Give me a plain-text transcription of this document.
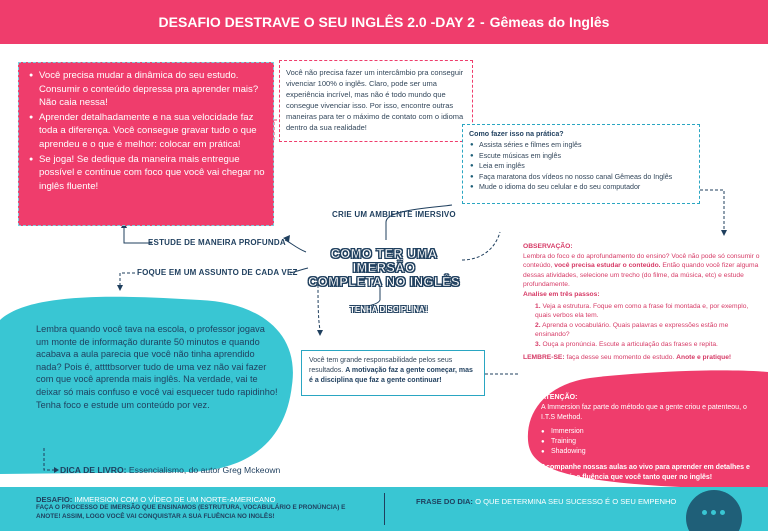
DESAFIO DESTRAVE O SEU INGLÊS 2.0 - DAY 2 - Gêmeas do Inglês
● Você precisa mudar a dinâmica do seu estudo. Consumir o conteúdo depressa pra aprender mais? Não caia nessa!
● Aprender detalhadamente e na sua velocidade faz toda a diferença. Você consegue gravar tudo o que aprendeu e o que é melhor: colocar em prática!
● Se joga! Se dedique da maneira mais entregue possível e continue com foco que você vai chegar no inglês fluente!
Você não precisa fazer um intercâmbio pra conseguir vivenciar 100% o inglês. Claro, pode ser uma experiência incrível, mas não é todo mundo que consegue vivenciar isso. Por isso, encontre outras maneiras para ter o máximo de contato com o idioma dentro da sua realidade!
Como fazer isso na prática?
● Assista séries e filmes em inglês
● Escute músicas em inglês
● Leia em inglês
● Faça maratona dos vídeos no nosso canal Gêmeas do Inglês
● Mude o idioma do seu celular e do seu computador
CRIE UM AMBIENTE IMERSIVO
ESTUDE DE MANEIRA PROFUNDA
FOQUE EM UM ASSUNTO DE CADA VEZ
TENHA DISCIPLINA!
COMO TER UMA IMERSÃO
COMPLETA NO INGLÊS
OBSERVAÇÃO:
Lembra do foco e do aprofundamento do ensino? Você não pode só consumir o conteúdo, você precisa estudar o conteúdo. Então quando você fizer alguma dessas atividades, selecione um trecho (do filme, da música, etc) e estude profundamente.
Analise em três passos:
1. Veja a estrutura. Foque em como a frase foi montada e, por exemplo, quais verbos ela tem.
2. Aprenda o vocabulário. Quais palavras e expressões estão me ensinando?
3. Ouça a pronúncia. Escute a articulação das frases e repita.
LEMBRE-SE: faça desse seu momento de estudo. Anote e pratique!
Você tem grande responsabilidade pelos seus resultados. A motivação faz a gente começar, mas é a disciplina que faz a gente continuar!
Lembra quando você tava na escola, o professor jogava um monte de informação durante 50 minutos e quando acabava a aula parecia que você não tinha aprendido nada? Pois é, attttbsorver tudo de uma vez não vai fazer com que você aprenda mais inglês. Na verdade, vai te deixar só mais confuso e você vai esquecer tudo rapidinho! Tenha foco e estude um conteúdo por vez.
DICA DE LIVRO: Essencialismo, do autor Greg Mckeown
ATENÇÃO:
A Immersion faz parte do método que a gente criou e patenteou, o I.T.S Method.
● Immersion
● Training
● Shadowing
Acompanhe nossas aulas ao vivo para aprender em detalhes e conseguir a fluência que você tanto quer no inglês!
DESAFIO: IMMERSION COM O VÍDEO DE UM NORTE-AMERICANO
FAÇA O PROCESSO DE IMERSÃO QUE ENSINAMOS (ESTRUTURA, VOCABULÁRIO E PRONÚNCIA) E ANOTE! ASSIM, LOGO VOCÊ VAI CONQUISTAR A SUA FLUÊNCIA NO INGLÊS!
FRASE DO DIA: O QUE DETERMINA SEU SUCESSO É O SEU EMPENHO
